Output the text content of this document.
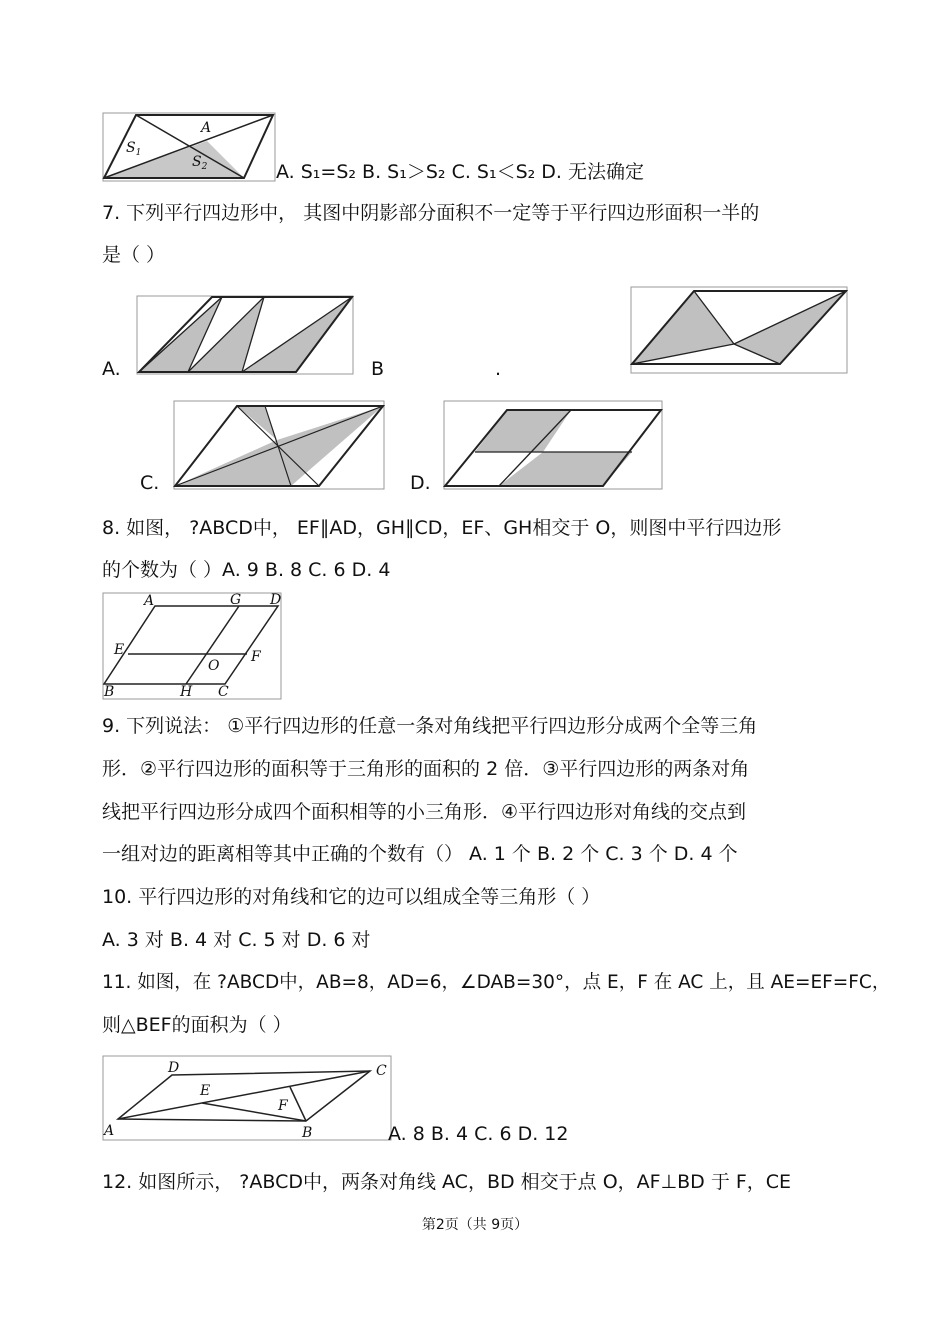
A
$S_1$
$S_2$	A. S₁=S₂ B. S₁＞S₂ C. S₁＜S₂ D. 无法确定
7. 下列平行四边形中， 其图中阴影部分面积不一定等于平行四边形面积一半的
是（ ）
A.	B	.
C.	D.
8. 如图， ?ABCD中， EF∥AD，GH∥CD，EF、GH相交于 O，则图中平行四边形
的个数为（ ）A. 9 B. 8 C. 6 D. 4
A	G D
E
O
F
B	H C
9. 下列说法： ①平行四边形的任意一条对角线把平行四边形分成两个全等三角
形．②平行四边形的面积等于三角形的面积的 2 倍．③平行四边形的两条对角
线把平行四边形分成四个面积相等的小三角形．④平行四边形对角线的交点到
一组对边的距离相等其中正确的个数有（） A. 1 个 B. 2 个 C. 3 个 D. 4 个
10. 平行四边形的对角线和它的边可以组成全等三角形（ ）
A. 3 对 B. 4 对 C. 5 对 D. 6 对
11. 如图，在 ?ABCD中，AB=8，AD=6，∠DAB=30°，点 E，F 在 AC 上，且 AE=EF=FC，
则△BEF的面积为（ ）
D	C
E
F
A	B	A. 8 B. 4 C. 6 D. 12
12. 如图所示， ?ABCD中，两条对角线 AC，BD 相交于点 O，AF⊥BD 于 F，CE
第2页（共 9页）
